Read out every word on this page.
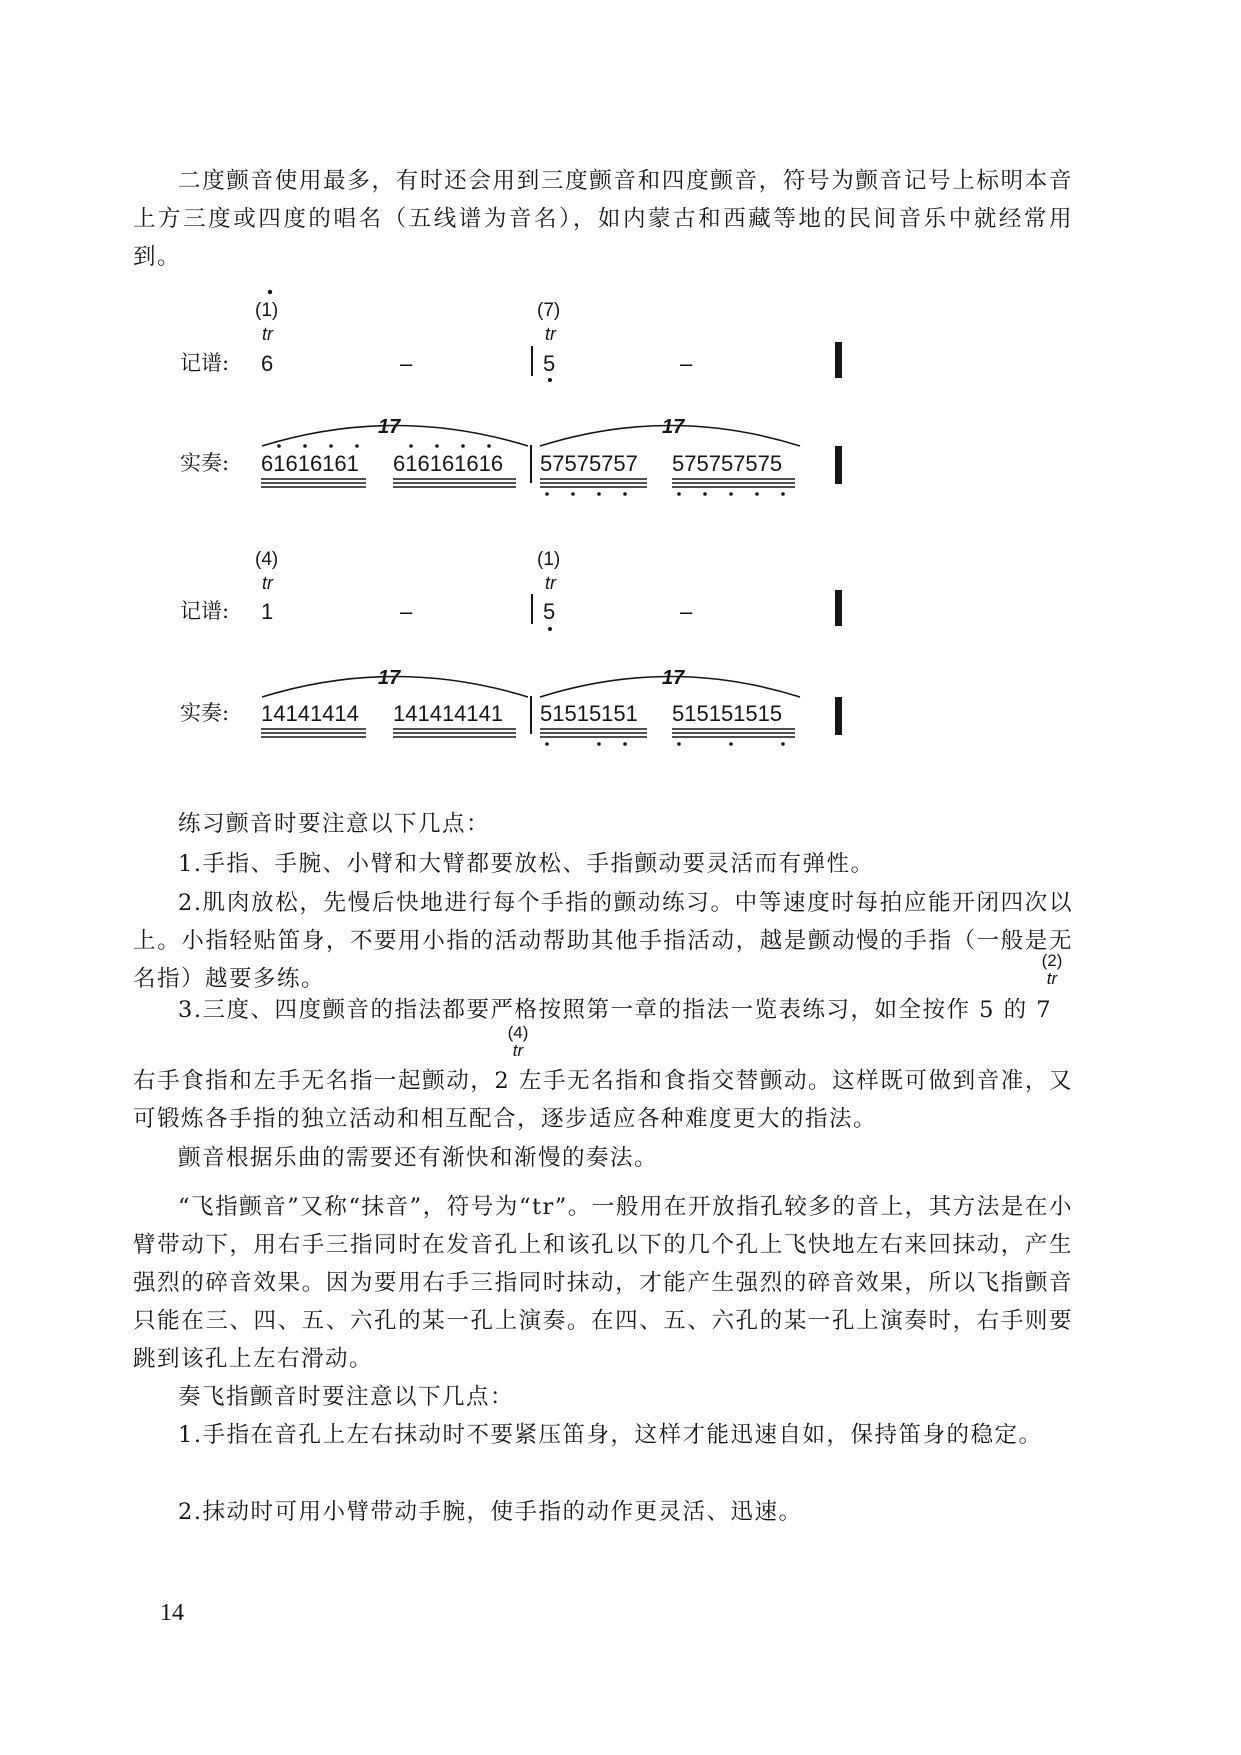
二度颤音使用最多，有时还会用到三度颤音和四度颤音，符号为颤音记号上标明本音上方三度或四度的唱名（五线谱为音名），如内蒙古和西藏等地的民间音乐中就经常用到。

(1)	(7)
tr	tr
记谱: 6	–	5	–
17	17
实奏: 61616161 616161616 57575757 575757575
(4)	(1)
tr	tr
记谱: 1	–	5	–
17	17
实奏: 14141414 141414141 51515151 515151515

练习颤音时要注意以下几点：

1.手指、手腕、小臂和大臂都要放松、手指颤动要灵活而有弹性。

2.肌肉放松，先慢后快地进行每个手指的颤动练习。中等速度时每拍应能开闭四次以上。小指轻贴笛身，不要用小指的活动帮助其他手指活动，越是颤动慢的手指（一般是无名指）越要多练。

(2)
tr
(4)
tr

3.三度、四度颤音的指法都要严格按照第一章的指法一览表练习，如全按作 5 的 7

右手食指和左手无名指一起颤动，2 左手无名指和食指交替颤动。这样既可做到音准，又可锻炼各手指的独立活动和相互配合，逐步适应各种难度更大的指法。

颤音根据乐曲的需要还有渐快和渐慢的奏法。

“飞指颤音”又称“抹音”，符号为“tr”。一般用在开放指孔较多的音上，其方法是在小臂带动下，用右手三指同时在发音孔上和该孔以下的几个孔上飞快地左右来回抹动，产生强烈的碎音效果。因为要用右手三指同时抹动，才能产生强烈的碎音效果，所以飞指颤音只能在三、四、五、六孔的某一孔上演奏。在四、五、六孔的某一孔上演奏时，右手则要跳到该孔上左右滑动。

奏飞指颤音时要注意以下几点：

1.手指在音孔上左右抹动时不要紧压笛身，这样才能迅速自如，保持笛身的稳定。

2.抹动时可用小臂带动手腕，使手指的动作更灵活、迅速。

14
